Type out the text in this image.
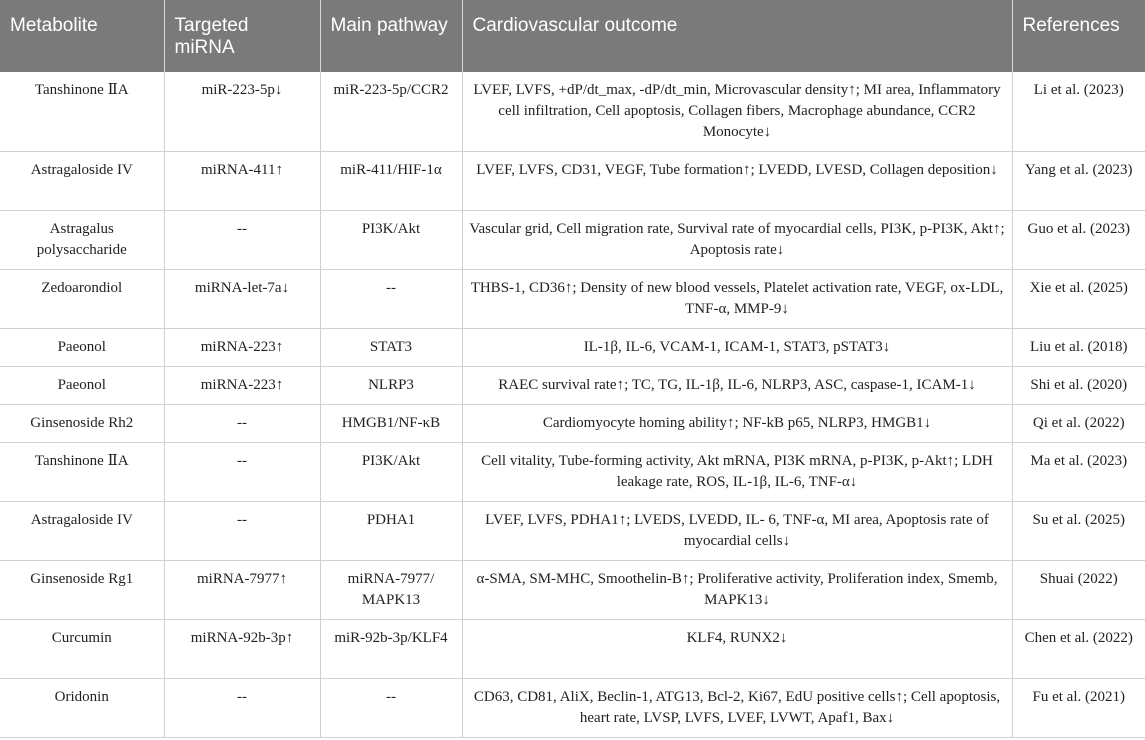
Metabolite	Targeted miRNA	Main pathway	Cardiovascular outcome	References
Tanshinone ⅡA	miR-223-5p↓	miR-223-5p/CCR2	LVEF, LVFS, +dP/dt_max, -dP/dt_min, Microvascular density↑; MI area, Inflammatory cell infiltration, Cell apoptosis, Collagen fibers, Macrophage abundance, CCR2 Monocyte↓	Li et al. (2023)
Astragaloside IV	miRNA-411↑	miR-411/HIF-1α	LVEF, LVFS, CD31, VEGF, Tube formation↑; LVEDD, LVESD, Collagen deposition↓	Yang et al. (2023)
Astragalus polysaccharide	--	PI3K/Akt	Vascular grid, Cell migration rate, Survival rate of myocardial cells, PI3K, p-PI3K, Akt↑; Apoptosis rate↓	Guo et al. (2023)
Zedoarondiol	miRNA-let-7a↓	--	THBS-1, CD36↑; Density of new blood vessels, Platelet activation rate, VEGF, ox-LDL, TNF-α, MMP-9↓	Xie et al. (2025)
Paeonol	miRNA-223↑	STAT3	IL-1β, IL-6, VCAM-1, ICAM-1, STAT3, pSTAT3↓	Liu et al. (2018)
Paeonol	miRNA-223↑	NLRP3	RAEC survival rate↑; TC, TG, IL-1β, IL-6, NLRP3, ASC, caspase-1, ICAM-1↓	Shi et al. (2020)
Ginsenoside Rh2	--	HMGB1/NF-κB	Cardiomyocyte homing ability↑; NF-kB p65, NLRP3, HMGB1↓	Qi et al. (2022)
Tanshinone ⅡA	--	PI3K/Akt	Cell vitality, Tube-forming activity, Akt mRNA, PI3K mRNA, p-PI3K, p-Akt↑; LDH leakage rate, ROS, IL-1β, IL-6, TNF-α↓	Ma et al. (2023)
Astragaloside IV	--	PDHA1	LVEF, LVFS, PDHA1↑; LVEDS, LVEDD, IL- 6, TNF-α, MI area, Apoptosis rate of myocardial cells↓	Su et al. (2025)
Ginsenoside Rg1	miRNA-7977↑	miRNA-7977/ MAPK13	α-SMA, SM-MHC, Smoothelin-B↑; Proliferative activity, Proliferation index, Smemb, MAPK13↓	Shuai (2022)
Curcumin	miRNA-92b-3p↑	miR-92b-3p/KLF4	KLF4, RUNX2↓	Chen et al. (2022)
Oridonin	--	--	CD63, CD81, AliX, Beclin-1, ATG13, Bcl-2, Ki67, EdU positive cells↑; Cell apoptosis, heart rate, LVSP, LVFS, LVEF, LVWT, Apaf1, Bax↓	Fu et al. (2021)
